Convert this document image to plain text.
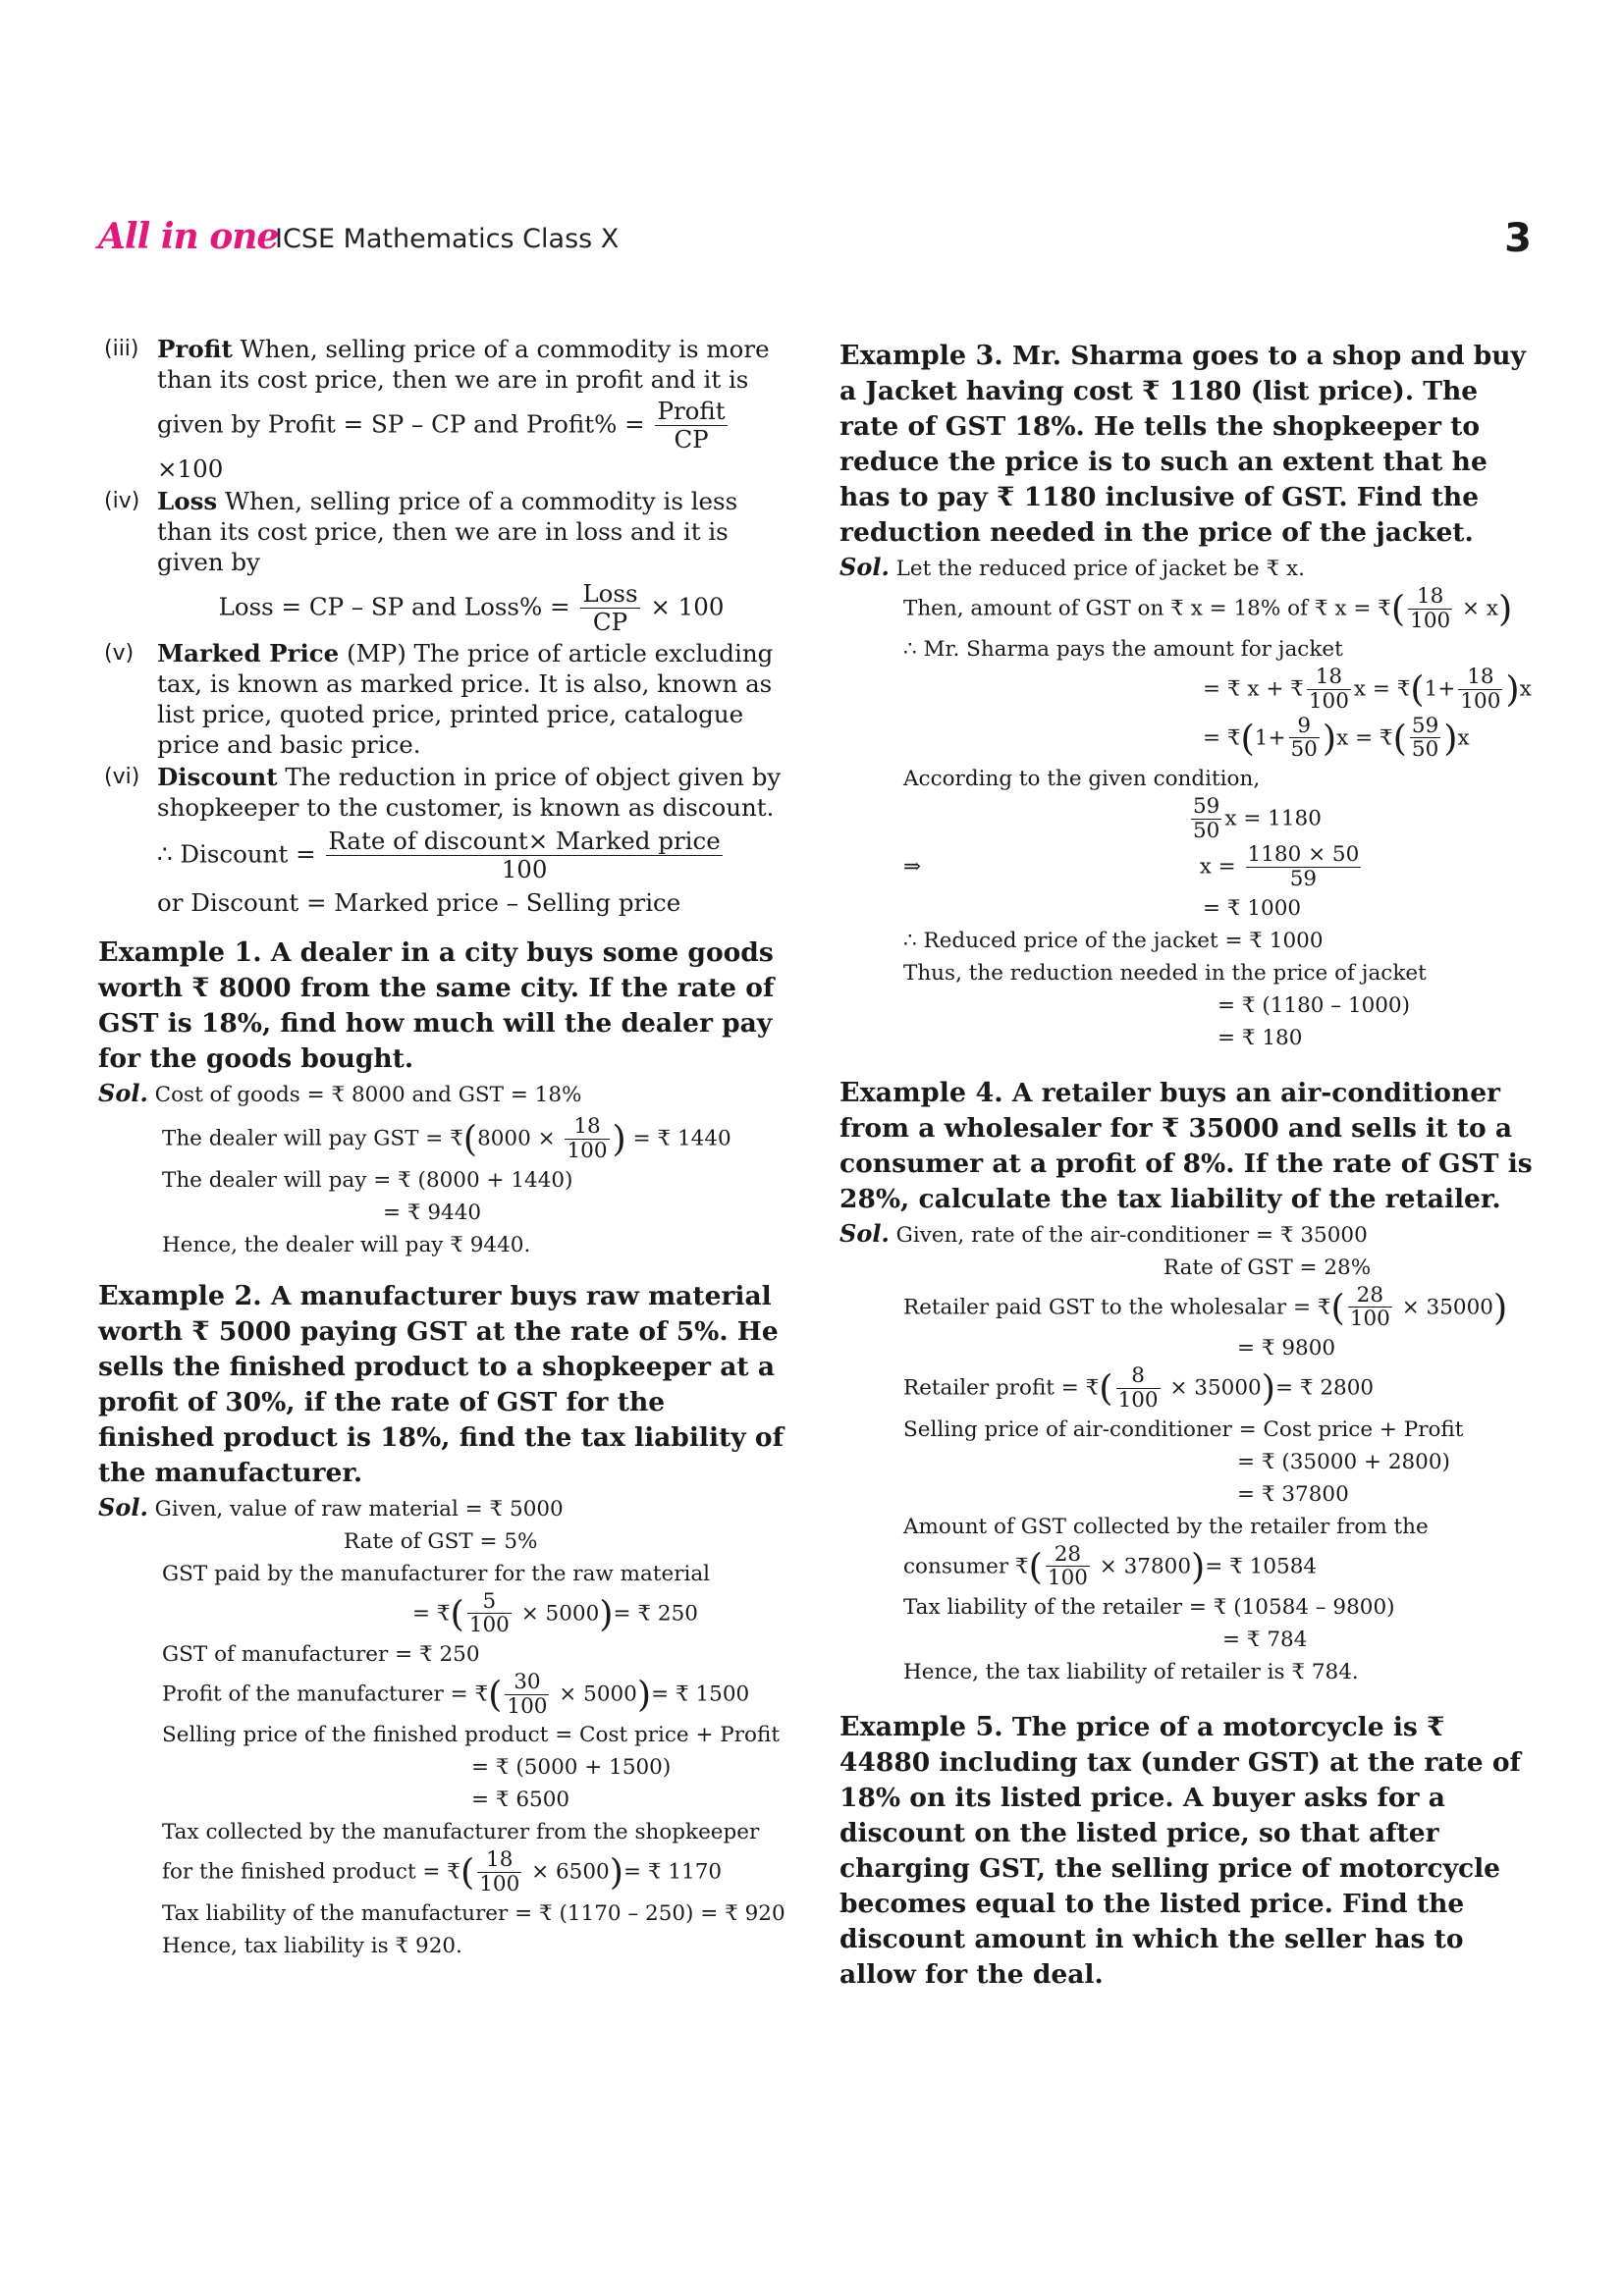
All in one
ICSE Mathematics Class X	3
(iii) Profit When, selling price of a commodity is more than its cost price, then we are in profit and it is
given by Profit = SP – CP and Profit% = $\frac{\text{Profit}}{CP}$
×100
(iv) Loss When, selling price of a commodity is less than its cost price, then we are in loss and it is given by
Loss = CP – SP and Loss% = $\frac{\text{Loss}}{CP} \times 100$
(v) Marked Price (MP) The price of article excluding tax, is known as marked price. It is also, known as list price, quoted price, printed price, catalogue price and basic price.
(vi) Discount The reduction in price of object given by shopkeeper to the customer, is known as discount.
∴ Discount = $\frac{\text{Rate of discount× Marked price}}{100}$
or Discount = Marked price – Selling price

Example 1. A dealer in a city buys some goods worth ₹ 8000 from the same city. If the rate of GST is 18%, find how much will the dealer pay for the goods bought.

Sol. Cost of goods = ₹ 8000 and GST = 18%

The dealer will pay GST = ₹(8000 × $\frac{18}{100}$ ) = ₹ 1440

The dealer will pay = ₹ (8000 + 1440)

= ₹ 9440

Hence, the dealer will pay ₹ 9440.

Example 2. A manufacturer buys raw material worth ₹ 5000 paying GST at the rate of 5%. He sells the finished product to a shopkeeper at a profit of 30%, if the rate of GST for the finished product is 18%, find the tax liability of the manufacturer.

Sol. Given, value of raw material = ₹ 5000

Rate of GST = 5%

GST paid by the manufacturer for the raw material

= ₹( $\frac{5}{100} \times 5000)=$ ₹ 250

GST of manufacturer = ₹ 250

Profit of the manufacturer = ₹( $\frac{30}{100} \times 5000)=$ ₹ 1500

Selling price of the finished product = Cost price + Profit

= ₹ (5000 + 1500)

= ₹ 6500

Tax collected by the manufacturer from the shopkeeper

for the finished product = ₹( $\frac{18}{100} \times 6500)=$ ₹ 1170

Tax liability of the manufacturer = ₹ (1170 – 250) = ₹ 920

Hence, tax liability is ₹ 920.

Example 3. Mr. Sharma goes to a shop and buy a Jacket having cost ₹ 1180 (list price). The rate of GST 18%. He tells the shopkeeper to reduce the price is to such an extent that he has to pay ₹ 1180 inclusive of GST. Find the reduction needed in the price of the jacket.

Sol. Let the reduced price of jacket be ₹ x.

Then, amount of GST on ₹ x = 18% of ₹ x = ₹( $\frac{18}{100} \times x$)

∴ Mr. Sharma pays the amount for jacket

= ₹ x + ₹ $\frac{18}{100}$ x = ₹(1+ $\frac{18}{100} )x$

= ₹(1+ $\frac{9}{50} )x$ = ₹( $\frac{59}{50} )x$

According to the given condition,

$\frac{59}{50}$ x = 1180

⇒	$x = \frac{1180 \times 50}{59}$

= ₹ 1000

∴ Reduced price of the jacket = ₹ 1000

Thus, the reduction needed in the price of jacket

= ₹ (1180 – 1000)

= ₹ 180

Example 4. A retailer buys an air-conditioner from a wholesaler for ₹ 35000 and sells it to a consumer at a profit of 8%. If the rate of GST is 28%, calculate the tax liability of the retailer.

Sol. Given, rate of the air-conditioner = ₹ 35000

Rate of GST = 28%

Retailer paid GST to the wholesalar = ₹( $\frac{28}{100} \times 35000$)

= ₹ 9800

Retailer profit = ₹( $\frac{8}{100} \times 35000)=$ ₹ 2800

Selling price of air-conditioner = Cost price + Profit

= ₹ (35000 + 2800)

= ₹ 37800

Amount of GST collected by the retailer from the

consumer ₹( $\frac{28}{100} \times 37800)=$ ₹ 10584

Tax liability of the retailer = ₹ (10584 – 9800)

= ₹ 784

Hence, the tax liability of retailer is ₹ 784.

Example 5. The price of a motorcycle is ₹ 44880 including tax (under GST) at the rate of 18% on its listed price. A buyer asks for a discount on the listed price, so that after charging GST, the selling price of motorcycle becomes equal to the listed price. Find the discount amount in which the seller has to allow for the deal.
